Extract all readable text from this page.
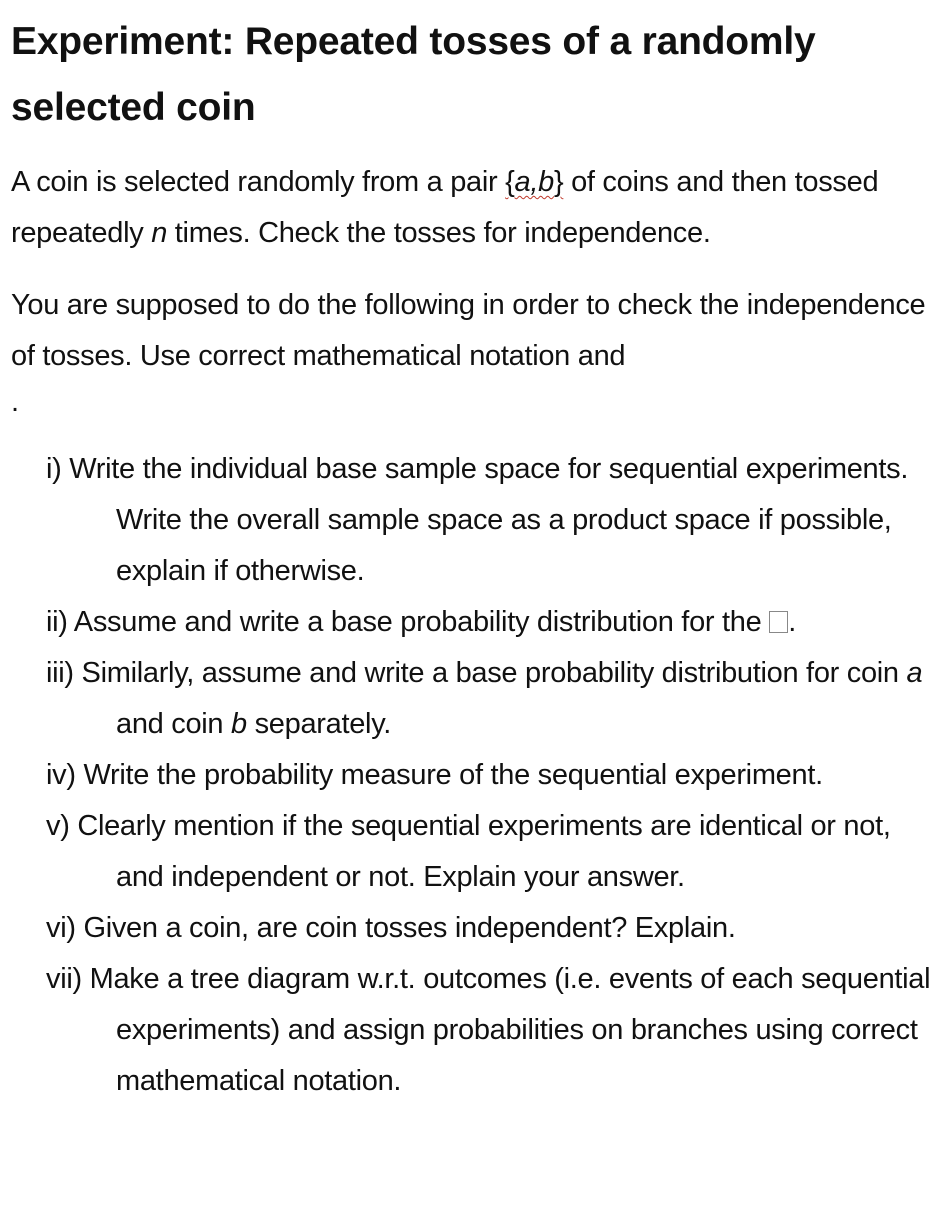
Experiment: Repeated tosses of a randomly selected coin

A coin is selected randomly from a pair {a,b} of coins and then tossed repeatedly n times. Check the tosses for independence.

You are supposed to do the following in order to check the independence of tosses. Use correct mathematical notation and

.

i) Write the individual base sample space for sequential experiments. Write the overall sample space as a product space if possible, explain if otherwise.
ii) Assume and write a base probability distribution for the .
iii) Similarly, assume and write a base probability distribution for coin a and coin b separately.
iv) Write the probability measure of the sequential experiment.
v) Clearly mention if the sequential experiments are identical or not, and independent or not. Explain your answer.
vi) Given a coin, are coin tosses independent? Explain.
vii) Make a tree diagram w.r.t. outcomes (i.e. events of each sequential experiments) and assign probabilities on branches using correct mathematical notation.
